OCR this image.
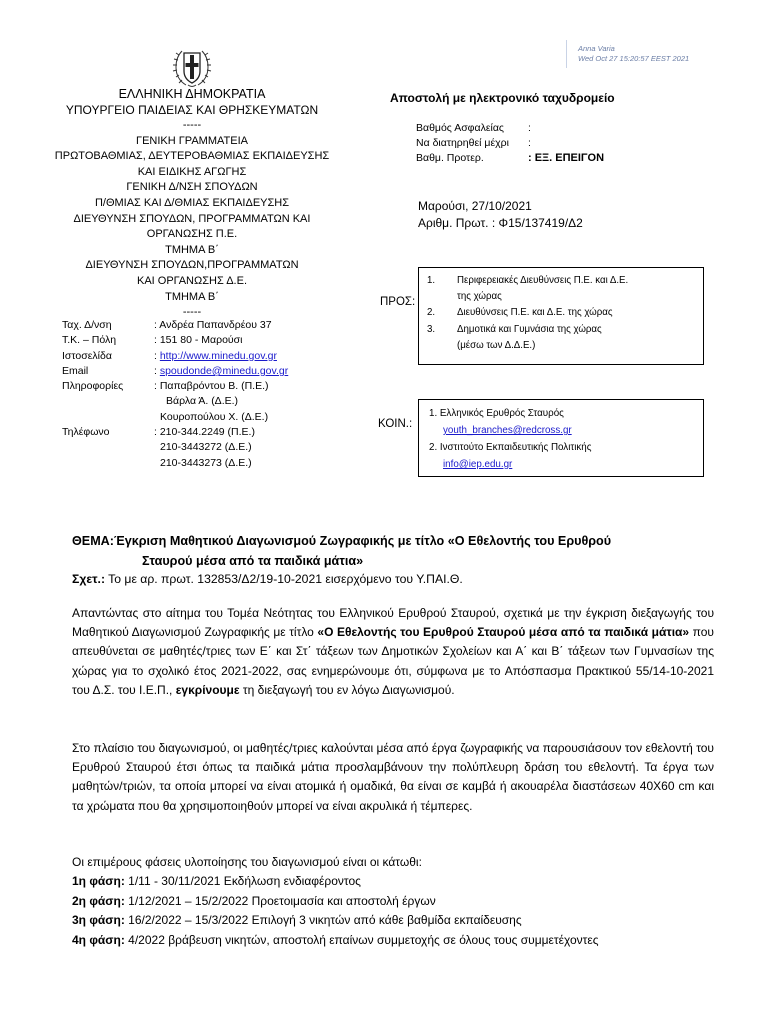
Anna Varia
Wed Oct 27 15:20:57 EEST 2021
ΕΛΛΗΝΙΚΗ ΔΗΜΟΚΡΑΤΙΑ
ΥΠΟΥΡΓΕΙΟ ΠΑΙΔΕΙΑΣ ΚΑΙ ΘΡΗΣΚΕΥΜΑΤΩΝ
-----
ΓΕΝΙΚΗ ΓΡΑΜΜΑΤΕΙΑ
ΠΡΩΤΟΒΑΘΜΙΑΣ, ΔΕΥΤΕΡΟΒΑΘΜΙΑΣ ΕΚΠΑΙΔΕΥΣΗΣ
ΚΑΙ ΕΙΔΙΚΗΣ ΑΓΩΓΗΣ
ΓΕΝΙΚΗ Δ/ΝΣΗ ΣΠΟΥΔΩΝ
Π/ΘΜΙΑΣ ΚΑΙ Δ/ΘΜΙΑΣ ΕΚΠΑΙΔΕΥΣΗΣ
ΔΙΕΥΘΥΝΣΗ ΣΠΟΥΔΩΝ, ΠΡΟΓΡΑΜΜΑΤΩΝ ΚΑΙ
ΟΡΓΑΝΩΣΗΣ Π.Ε.
ΤΜΗΜΑ Β΄
ΔΙΕΥΘΥΝΣΗ ΣΠΟΥΔΩΝ,ΠΡΟΓΡΑΜΜΑΤΩΝ
ΚΑΙ ΟΡΓΑΝΩΣΗΣ Δ.Ε.
ΤΜΗΜΑ Β΄
-----
Ταχ. Δ/νση	: Ανδρέα Παπανδρέου 37
Τ.Κ. – Πόλη	: 151 80 - Μαρούσι
Ιστοσελίδα	: http://www.minedu.gov.gr
Email	: spoudonde@minedu.gov.gr
Πληροφορίες	: Παπαβρόντου Β. (Π.Ε.)
Βάρλα Ά. (Δ.Ε.)
Κουροπούλου Χ. (Δ.Ε.)
Τηλέφωνο	: 210-344.2249 (Π.Ε.)
210-3443272 (Δ.Ε.)
210-3443273 (Δ.Ε.)
Αποστολή με ηλεκτρονικό ταχυδρομείο
Βαθμός Ασφαλείας	:
Να διατηρηθεί μέχρι	:
Βαθμ. Προτερ.	: ΕΞ. ΕΠΕΙΓΟΝ
Μαρούσι, 27/10/2021
Αριθμ. Πρωτ. : Φ15/137419/Δ2
ΠΡΟΣ:
1.	Περιφερειακές Διευθύνσεις Π.Ε. και Δ.Ε.
της χώρας
2.	Διευθύνσεις Π.Ε. και Δ.Ε. της χώρας
3.	Δημοτικά και Γυμνάσια της χώρας
(μέσω των Δ.Δ.Ε.)
ΚΟΙΝ.:
1. Ελληνικός Ερυθρός Σταυρός
youth_branches@redcross.gr
2. Ινστιτούτο Εκπαιδευτικής Πολιτικής
info@iep.edu.gr
ΘΕΜΑ:Έγκριση Μαθητικού Διαγωνισμού Ζωγραφικής με τίτλο «Ο Εθελοντής του Ερυθρού
Σταυρού μέσα από τα παιδικά μάτια»
Σχετ.: Το με αρ. πρωτ. 132853/Δ2/19-10-2021 εισερχόμενο του Υ.ΠΑΙ.Θ.
Απαντώντας στο αίτημα του Τομέα Νεότητας του Ελληνικού Ερυθρού Σταυρού, σχετικά με την έγκριση διεξαγωγής του Μαθητικού Διαγωνισμού Ζωγραφικής με τίτλο «Ο Εθελοντής του Ερυθρού Σταυρού μέσα από τα παιδικά μάτια» που απευθύνεται σε μαθητές/τριες των Ε΄ και Στ΄ τάξεων των Δημοτικών Σχολείων και Α΄ και Β΄ τάξεων των Γυμνασίων της χώρας για το σχολικό έτος 2021-2022, σας ενημερώνουμε ότι, σύμφωνα με το Απόσπασμα Πρακτικού 55/14-10-2021 του Δ.Σ. του Ι.Ε.Π., εγκρίνουμε τη διεξαγωγή του εν λόγω Διαγωνισμού.
Στο πλαίσιο του διαγωνισμού, οι μαθητές/τριες καλούνται μέσα από έργα ζωγραφικής να παρουσιάσουν τον εθελοντή του Ερυθρού Σταυρού έτσι όπως τα παιδικά μάτια προσλαμβάνουν την πολύπλευρη δράση του εθελοντή. Τα έργα των μαθητών/τριών, τα οποία μπορεί να είναι ατομικά ή ομαδικά, θα είναι σε καμβά ή ακουαρέλα διαστάσεων 40Χ60 cm και τα χρώματα που θα χρησιμοποιηθούν μπορεί να είναι ακρυλικά ή τέμπερες.
Οι επιμέρους φάσεις υλοποίησης του διαγωνισμού είναι οι κάτωθι:
1η φάση: 1/11 - 30/11/2021 Εκδήλωση ενδιαφέροντος
2η φάση: 1/12/2021 – 15/2/2022 Προετοιμασία και αποστολή έργων
3η φάση: 16/2/2022 – 15/3/2022 Επιλογή 3 νικητών από κάθε βαθμίδα εκπαίδευσης
4η φάση: 4/2022 βράβευση νικητών, αποστολή επαίνων συμμετοχής σε όλους τους συμμετέχοντες
